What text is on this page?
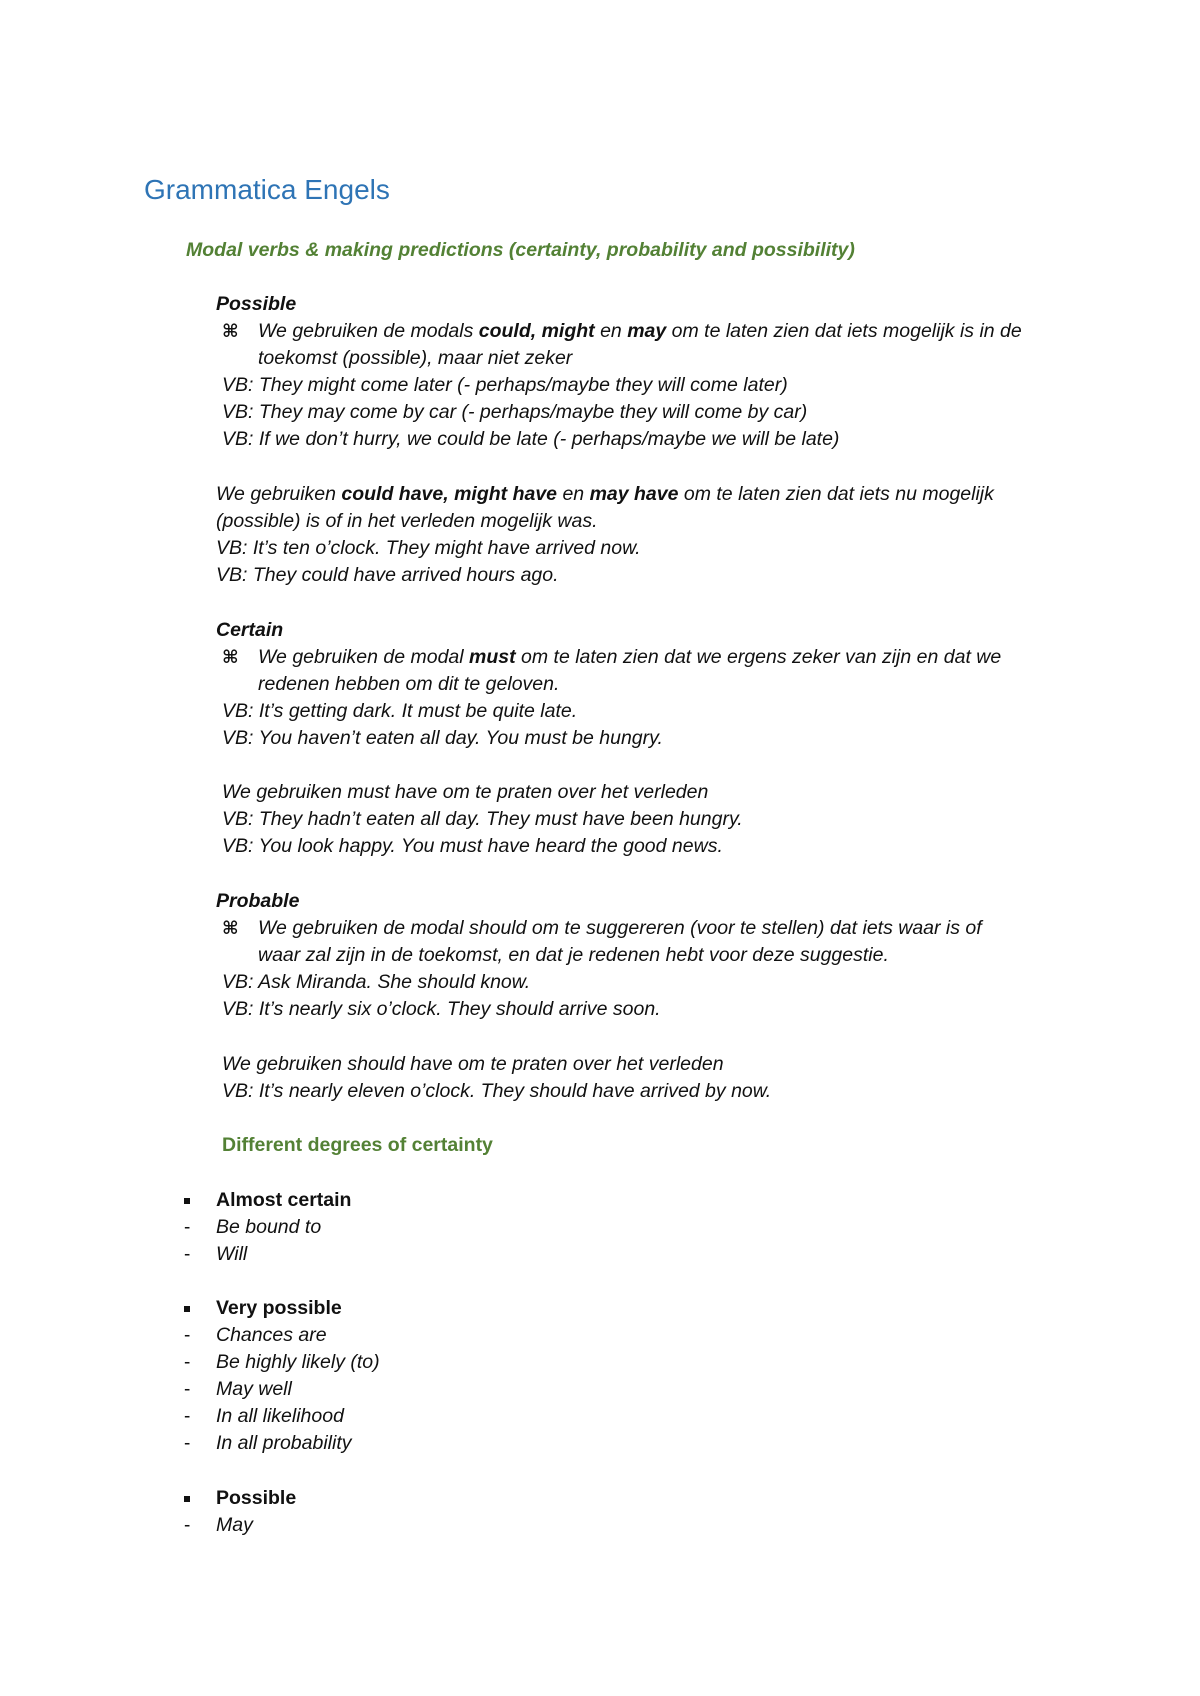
Grammatica Engels
Modal verbs & making predictions (certainty, probability and possibility)
Possible
⌘ We gebruiken de modals could, might en may om te laten zien dat iets mogelijk is in de
toekomst (possible), maar niet zeker
VB: They might come later (- perhaps/maybe they will come later)
VB: They may come by car (- perhaps/maybe they will come by car)
VB: If we don’t hurry, we could be late (- perhaps/maybe we will be late)
We gebruiken could have, might have en may have om te laten zien dat iets nu mogelijk
(possible) is of in het verleden mogelijk was.
VB: It’s ten o’clock. They might have arrived now.
VB: They could have arrived hours ago.
Certain
⌘ We gebruiken de modal must om te laten zien dat we ergens zeker van zijn en dat we
redenen hebben om dit te geloven.
VB: It’s getting dark. It must be quite late.
VB: You haven’t eaten all day. You must be hungry.
We gebruiken must have om te praten over het verleden
VB: They hadn’t eaten all day. They must have been hungry.
VB: You look happy. You must have heard the good news.
Probable
⌘ We gebruiken de modal should om te suggereren (voor te stellen) dat iets waar is of
waar zal zijn in de toekomst, en dat je redenen hebt voor deze suggestie.
VB: Ask Miranda. She should know.
VB: It’s nearly six o’clock. They should arrive soon.
We gebruiken should have om te praten over het verleden
VB: It’s nearly eleven o’clock. They should have arrived by now.
Different degrees of certainty
Almost certain
- Be bound to
- Will
Very possible
- Chances are
- Be highly likely (to)
- May well
- In all likelihood
- In all probability
Possible
- May
